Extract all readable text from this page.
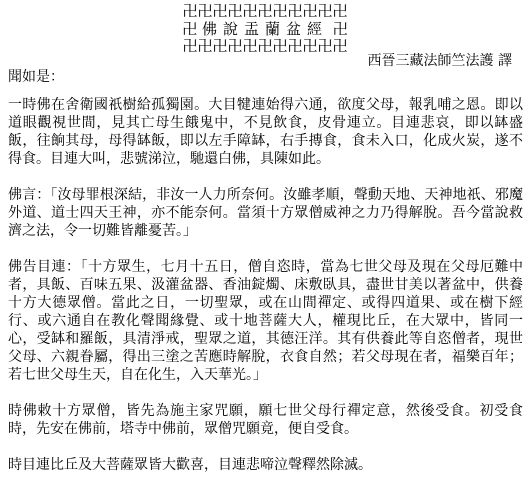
卍卍卍卍卍卍卍卍卍卍卍
卍 佛說盂蘭盆經 卍
卍卍卍卍卍卍卍卍卍卍卍
西晉三藏法師竺法護 譯

聞如是：

一時佛在舍衛國祇樹給孤獨園。大目犍連始得六通，欲度父母，報乳哺之恩。即以道眼觀視世間，見其亡母生餓鬼中，不見飲食，皮骨連立。目連悲哀，即以缽盛飯，往餉其母，母得缽飯，即以左手障缽，右手摶食，食未入口，化成火炭，遂不得食。目連大叫，悲號涕泣，馳還白佛，具陳如此。

佛言：「汝母罪根深結，非汝一人力所奈何。汝雖孝順，聲動天地、天神地祇、邪魔外道、道士四天王神，亦不能奈何。當須十方眾僧威神之力乃得解脫。吾今當說救濟之法，令一切難皆離憂苦。」

佛告目連：「十方眾生，七月十五日，僧自恣時，當為七世父母及現在父母厄難中者，具飯、百味五果、汲灌盆器、香油錠燭、床敷臥具，盡世甘美以著盆中，供養十方大德眾僧。當此之日，一切聖眾，或在山間禪定、或得四道果、或在樹下經行、或六通自在教化聲聞緣覺、或十地菩薩大人，權現比丘，在大眾中，皆同一心，受缽和羅飯，具清淨戒，聖眾之道，其德汪洋。其有供養此等自恣僧者，現世父母、六親眷屬，得出三塗之苦應時解脫，衣食自然；若父母現在者，福樂百年；若七世父母生天，自在化生，入天華光。」

時佛敕十方眾僧，皆先為施主家咒願，願七世父母行禪定意，然後受食。初受食時，先安在佛前，塔寺中佛前，眾僧咒願竟，便自受食。

時目連比丘及大菩薩眾皆大歡喜，目連悲啼泣聲釋然除滅。
